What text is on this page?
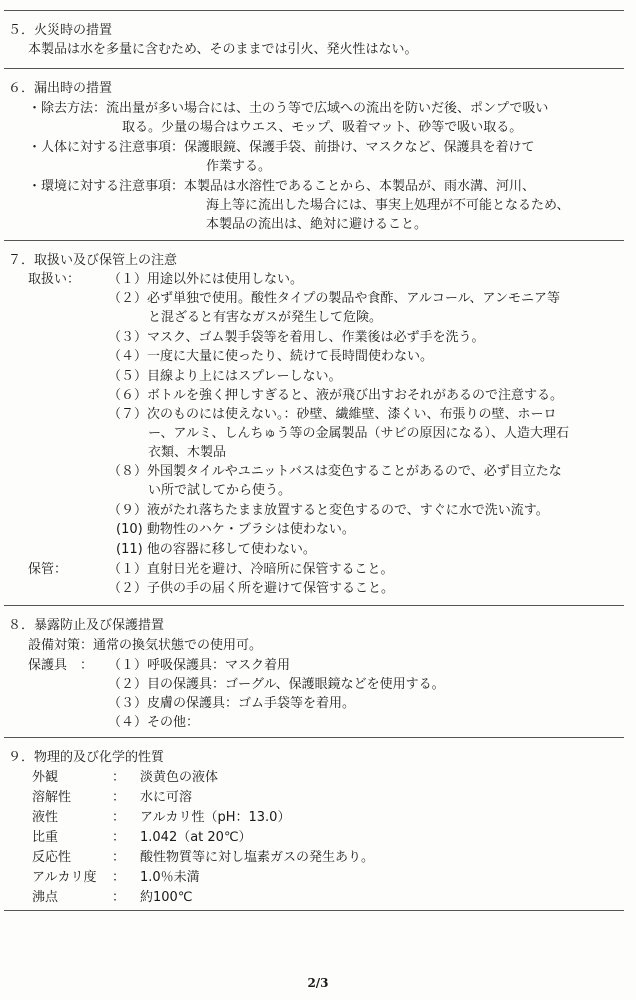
５．火災時の措置
本製品は水を多量に含むため、そのままでは引火、発火性はない。
６．漏出時の措置
・除去方法：流出量が多い場合には、土のう等で広域への流出を防いだ後、ポンプで吸い
取る。少量の場合はウエス、モップ、吸着マット、砂等で吸い取る。
・人体に対する注意事項：保護眼鏡、保護手袋、前掛け、マスクなど、保護具を着けて
作業する。
・環境に対する注意事項：本製品は水溶性であることから、本製品が、雨水溝、河川、
海上等に流出した場合には、事実上処理が不可能となるため、
本製品の流出は、絶対に避けること。
７．取扱い及び保管上の注意
取扱い： （１）用途以外には使用しない。
（２）必ず単独で使用。酸性タイプの製品や食酢、アルコール、アンモニア等
と混ざると有害なガスが発生して危険。
（３）マスク、ゴム製手袋等を着用し、作業後は必ず手を洗う。
（４）一度に大量に使ったり、続けて長時間使わない。
（５）目線より上にはスプレーしない。
（６）ボトルを強く押しすぎると、液が飛び出すおそれがあるので注意する。
（７）次のものには使えない。：砂壁、繊維壁、漆くい、布張りの壁、ホーロ
ー、アルミ、しんちゅう等の金属製品（サビの原因になる）、人造大理石
衣類、木製品
（８）外国製タイルやユニットバスは変色することがあるので、必ず目立たな
い所で試してから使う。
（９）液がたれ落ちたまま放置すると変色するので、すぐに水で洗い流す。
(10) 動物性のハケ・ブラシは使わない。
(11) 他の容器に移して使わない。
保管：	（１）直射日光を避け、冷暗所に保管すること。
（２）子供の手の届く所を避けて保管すること。
８．暴露防止及び保護措置
設備対策：通常の換気状態での使用可。
保護具　： （１）呼吸保護具：マスク着用
（２）目の保護具：ゴーグル、保護眼鏡などを使用する。
（３）皮膚の保護具：ゴム手袋等を着用。
（４）その他：
９．物理的及び化学的性質
外観	： 淡黄色の液体
溶解性	： 水に可溶
液性	： アルカリ性（pH：13.0）
比重	： 1.042（at 20℃）
反応性	： 酸性物質等に対し塩素ガスの発生あり。
アルカリ度 ： 1.0％未満
沸点	： 約100℃
2/3
